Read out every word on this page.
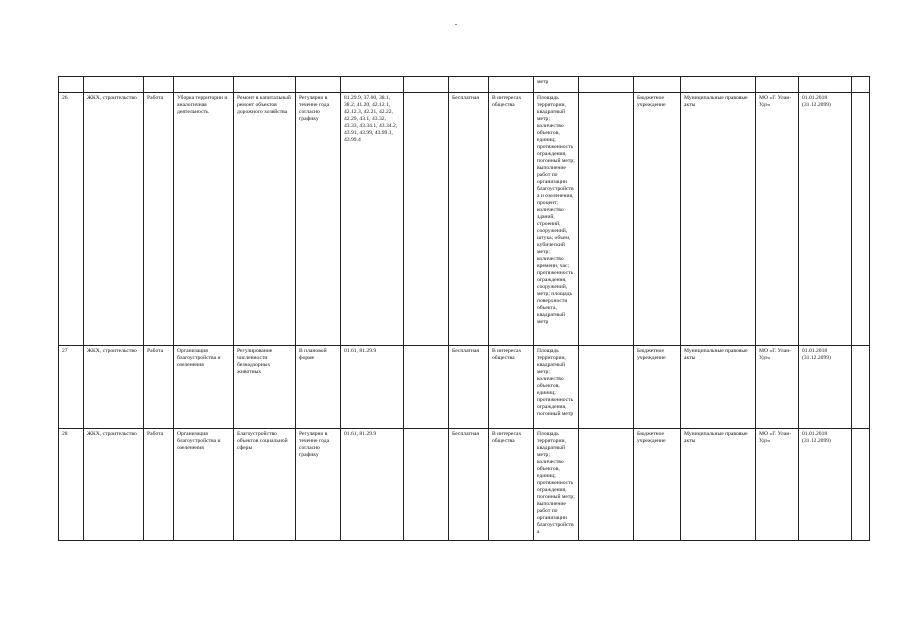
										метр						
26	ЖКХ, строительство	Работа	Уборка территории и аналогичная деятельность	Ремонт в капитальный ремонт объектов дорожного хозяйства	Регулярно в течение года согласно графику	81.29.9, 37.00, 38.1, 38.2, 41.20, 42.12.1, 42.12.3, 42.21, 42.22, 42.29, 43.1, 43.32, 43.33, 43.34.1, 43.34.2, 43.91, 43.99, 43.99.1, 43.99.4		Бесплатная	В интересах общества	Площадь территории, квадратный метр; количество объектов, единиц; протяженность ограждения, погонный метр; выполнение работ по организации благоустройства и озеленения, процент; количество зданий, строений, сооружений, штука; объем, кубический метр; количество времени, час; протяженность ограждения, сооружений, метр; площадь поверхности объекта, квадратный метр		Бюджетное учреждение	Муниципальные правовые акты	МО «Г. Улан-Удэ»	01.01.2018 (31.12.2099)	
27	ЖКХ, строительство	Работа	Организация благоустройства и озеленения	Регулирование численности безнадзорных животных	В плановой форме	01.61, 81.29.9		Бесплатная	В интересах общества	Площадь территории, квадратный метр; количество объектов, единиц; протяженность ограждения, погонный метр		Бюджетное учреждение	Муниципальные правовые акты	МО «Г. Улан-Удэ»	01.01.2018 (31.12.2099)	
28	ЖКХ, строительство	Работа	Организация благоустройства и озеленения	Благоустройство объектов социальной сферы	Регулярно в течение года согласно графику	01.61, 81.29.9		Бесплатная	В интересах общества	Площадь территории, квадратный метр; количество объектов, единиц; протяженность ограждения, погонный метр; выполнение работ по организации благоустройства		Бюджетное учреждение	Муниципальные правовые акты	МО «Г. Улан-Удэ»	01.01.2018 (31.12.2099)	
